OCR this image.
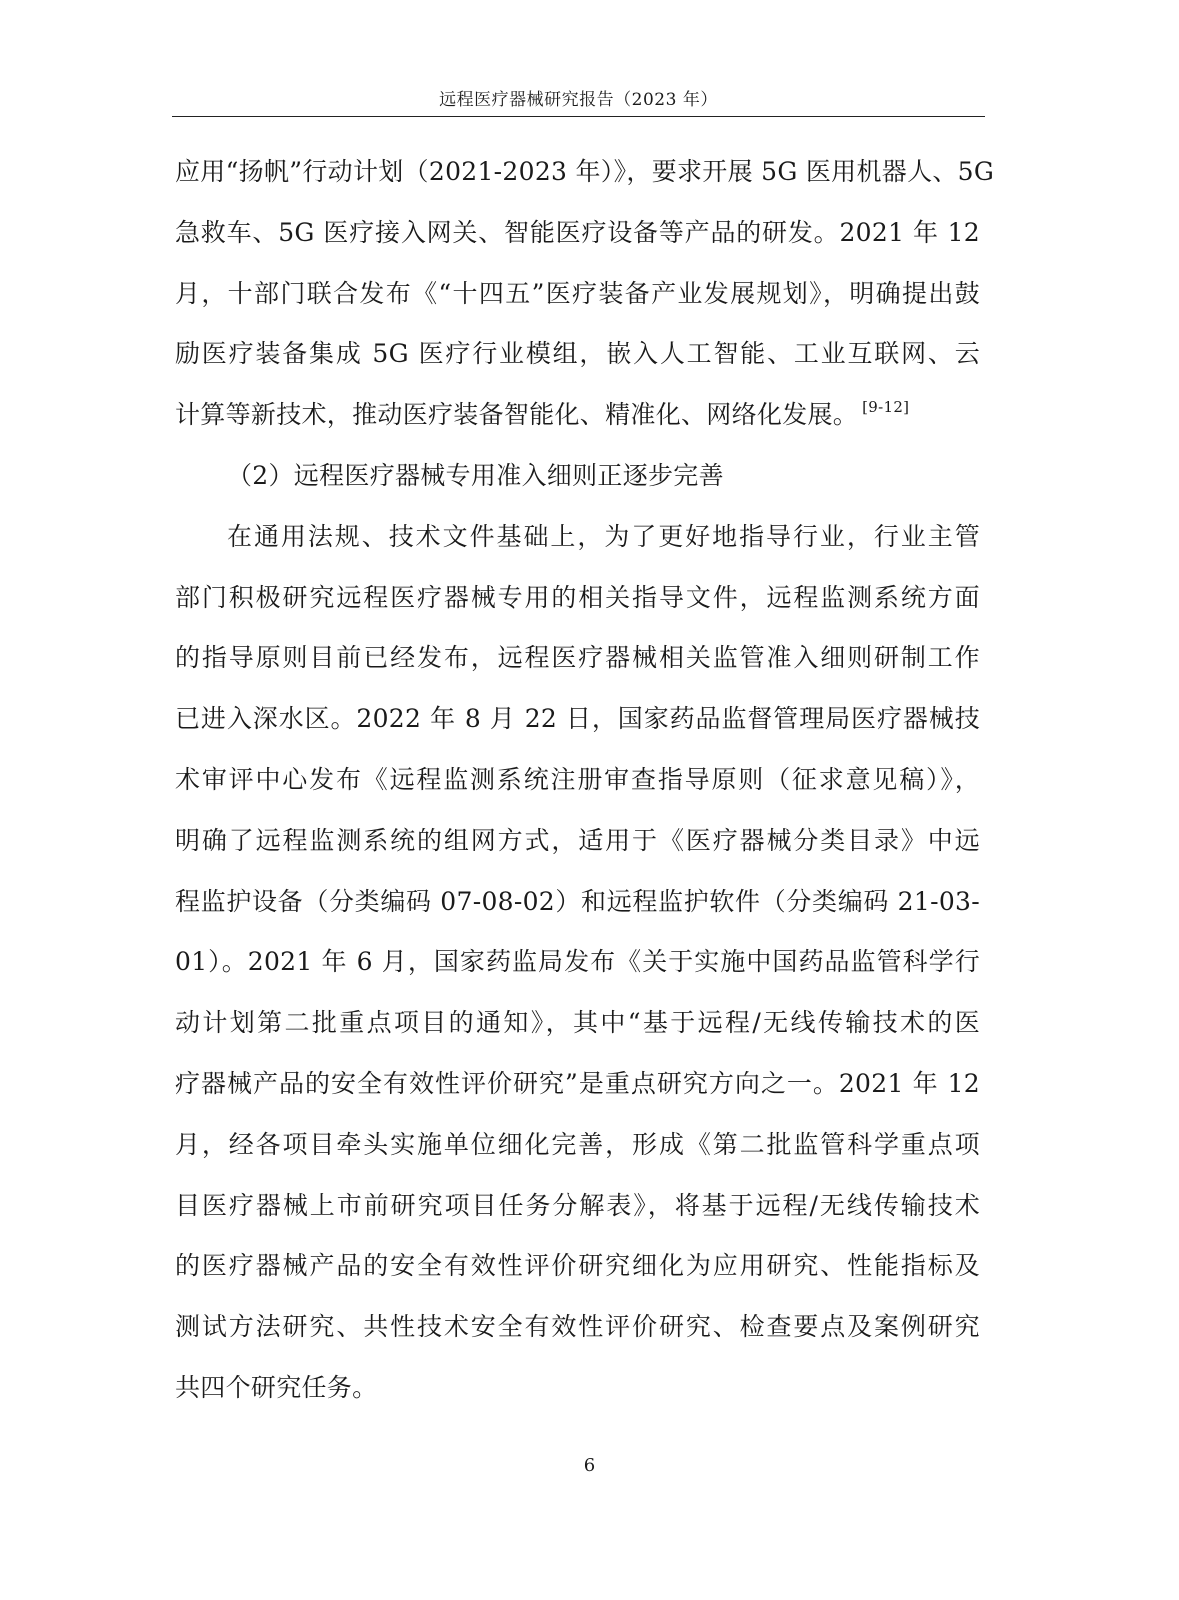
远程医疗器械研究报告（2023 年）
应用“扬帆”行动计划（2021-2023 年）》，要求开展 5G 医用机器人、5G
急救车、5G 医疗接入网关、智能医疗设备等产品的研发。2021 年 12
月，十部门联合发布《“十四五”医疗装备产业发展规划》，明确提出鼓
励医疗装备集成 5G 医疗行业模组，嵌入人工智能、工业互联网、云
计算等新技术，推动医疗装备智能化、精准化、网络化发展。 [9-12]
（2）远程医疗器械专用准入细则正逐步完善
在通用法规、技术文件基础上，为了更好地指导行业，行业主管
部门积极研究远程医疗器械专用的相关指导文件，远程监测系统方面
的指导原则目前已经发布，远程医疗器械相关监管准入细则研制工作
已进入深水区。2022 年 8 月 22 日，国家药品监督管理局医疗器械技
术审评中心发布《远程监测系统注册审查指导原则（征求意见稿）》，
明确了远程监测系统的组网方式，适用于《医疗器械分类目录》中远
程监护设备（分类编码 07-08-02）和远程监护软件（分类编码 21-03-
01）。2021 年 6 月，国家药监局发布《关于实施中国药品监管科学行
动计划第二批重点项目的通知》，其中“基于远程/无线传输技术的医
疗器械产品的安全有效性评价研究”是重点研究方向之一。2021 年 12
月，经各项目牵头实施单位细化完善，形成《第二批监管科学重点项
目医疗器械上市前研究项目任务分解表》，将基于远程/无线传输技术
的医疗器械产品的安全有效性评价研究细化为应用研究、性能指标及
测试方法研究、共性技术安全有效性评价研究、检查要点及案例研究
共四个研究任务。
6
